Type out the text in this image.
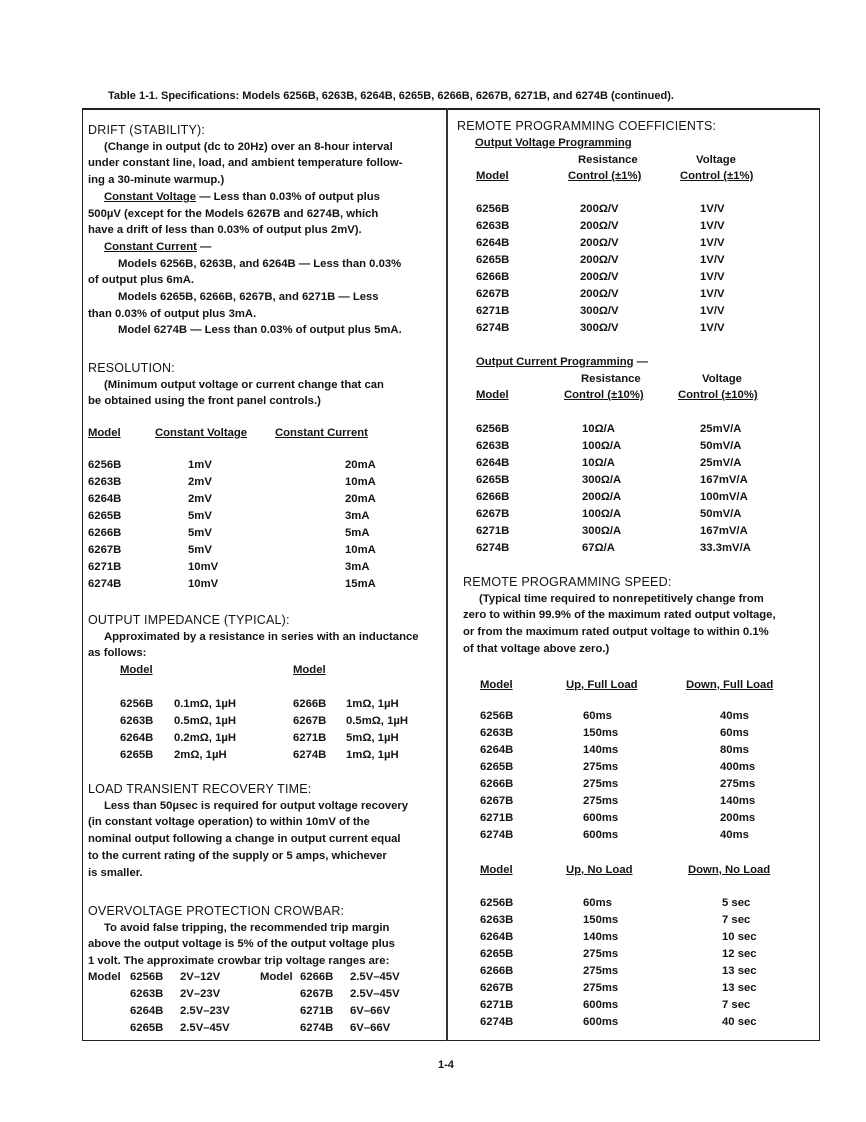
Table 1-1. Specifications: Models 6256B, 6263B, 6264B, 6265B, 6266B, 6267B, 6271B, and 6274B (continued).
DRIFT (STABILITY):
(Change in output (dc to 20Hz) over an 8-hour interval
under constant line, load, and ambient temperature follow-
ing a 30-minute warmup.)
Constant Voltage — Less than 0.03% of output plus
500µV (except for the Models 6267B and 6274B, which
have a drift of less than 0.03% of output plus 2mV).
Constant Current —
Models 6256B, 6263B, and 6264B — Less than 0.03%
of output plus 6mA.
Models 6265B, 6266B, 6267B, and 6271B — Less
than 0.03% of output plus 3mA.
Model 6274B — Less than 0.03% of output plus 5mA.
RESOLUTION:
(Minimum output voltage or current change that can
be obtained using the front panel controls.)
Model	Constant Voltage Constant Current
6256B	1mV	20mA
6263B	2mV	10mA
6264B	2mV	20mA
6265B	5mV	3mA
6266B	5mV	5mA
6267B	5mV	10mA
6271B	10mV	3mA
6274B	10mV	15mA
OUTPUT IMPEDANCE (TYPICAL):
Approximated by a resistance in series with an inductance
as follows:
Model	Model
6256B 0.1mΩ, 1µH	6266B 1mΩ, 1µH
6263B 0.5mΩ, 1µH	6267B 0.5mΩ, 1µH
6264B 0.2mΩ, 1µH	6271B 5mΩ, 1µH
6265B 2mΩ, 1µH	6274B 1mΩ, 1µH
LOAD TRANSIENT RECOVERY TIME:
Less than 50µsec is required for output voltage recovery
(in constant voltage operation) to within 10mV of the
nominal output following a change in output current equal
to the current rating of the supply or 5 amps, whichever
is smaller.
OVERVOLTAGE PROTECTION CROWBAR:
To avoid false tripping, the recommended trip margin
above the output voltage is 5% of the output voltage plus
1 volt. The approximate crowbar trip voltage ranges are:
Model	Model
6256B 2V–12V	6266B 2.5V–45V
6263B 2V–23V	6267B 2.5V–45V
6264B 2.5V–23V	6271B 6V–66V
6265B 2.5V–45V	6274B 6V–66V
REMOTE PROGRAMMING COEFFICIENTS:
Output Voltage Programming
Resistance	Voltage
Model	Control (±1%)	Control (±1%)
6256B	200Ω/V	1V/V
6263B	200Ω/V	1V/V
6264B	200Ω/V	1V/V
6265B	200Ω/V	1V/V
6266B	200Ω/V	1V/V
6267B	200Ω/V	1V/V
6271B	300Ω/V	1V/V
6274B	300Ω/V	1V/V
Output Current Programming —
Resistance	Voltage
Model	Control (±10%)	Control (±10%)
6256B	10Ω/A	25mV/A
6263B	100Ω/A	50mV/A
6264B	10Ω/A	25mV/A
6265B	300Ω/A	167mV/A
6266B	200Ω/A	100mV/A
6267B	100Ω/A	50mV/A
6271B	300Ω/A	167mV/A
6274B	67Ω/A	33.3mV/A
REMOTE PROGRAMMING SPEED:
(Typical time required to nonrepetitively change from
zero to within 99.9% of the maximum rated output voltage,
or from the maximum rated output voltage to within 0.1%
of that voltage above zero.)
Model	Up, Full Load	Down, Full Load
6256B	60ms	40ms
6263B	150ms	60ms
6264B	140ms	80ms
6265B	275ms	400ms
6266B	275ms	275ms
6267B	275ms	140ms
6271B	600ms	200ms
6274B	600ms	40ms
Model	Up, No Load	Down, No Load
6256B	60ms	5 sec
6263B	150ms	7 sec
6264B	140ms	10 sec
6265B	275ms	12 sec
6266B	275ms	13 sec
6267B	275ms	13 sec
6271B	600ms	7 sec
6274B	600ms	40 sec
1-4
